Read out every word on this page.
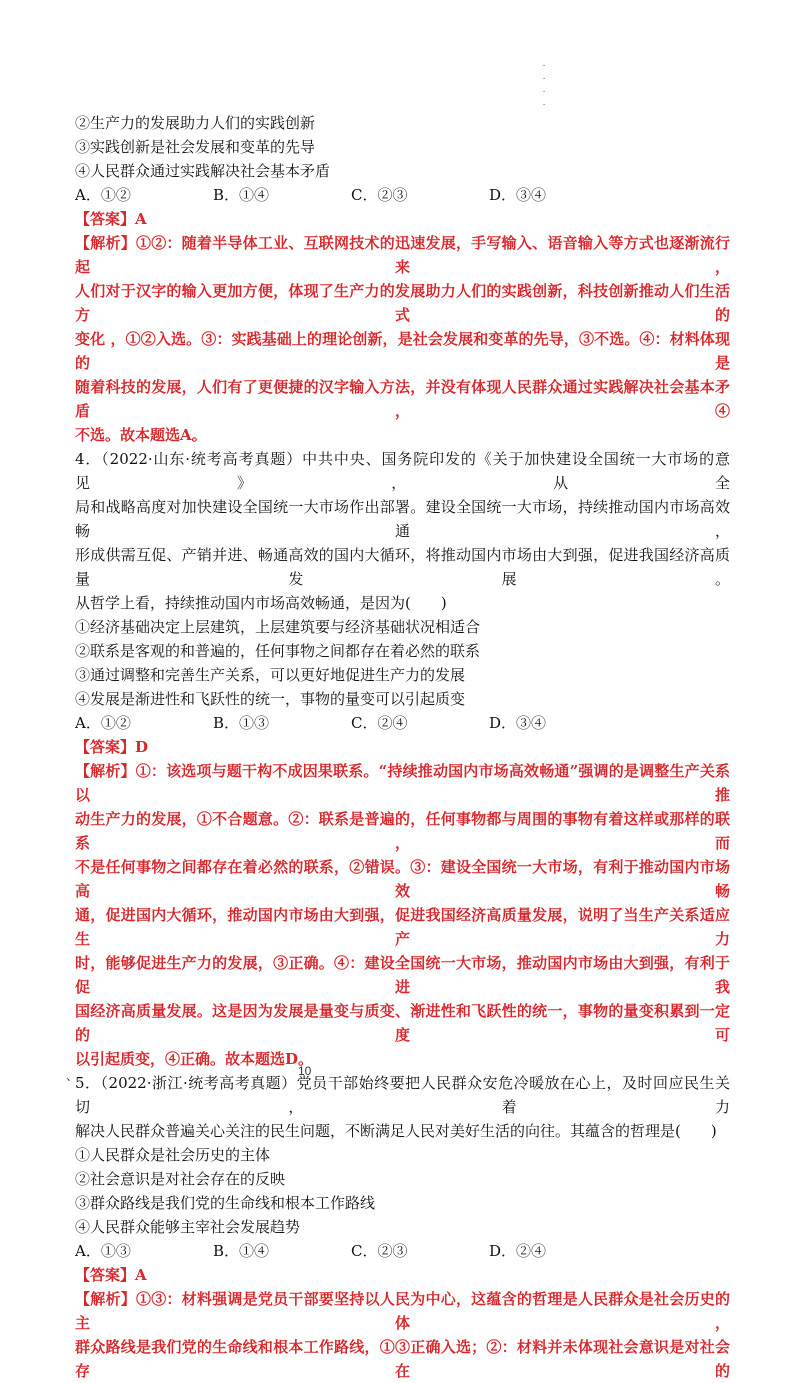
.
.
.
.
②生产力的发展助力人们的实践创新
③实践创新是社会发展和变革的先导
④人民群众通过实践解决社会基本矛盾
A．①②	B．①④	C．②③	D．③④
【答案】A
【解析】①②：随着半导体工业、互联网技术的迅速发展，手写输入、语音输入等方式也逐渐流行起来，
人们对于汉字的输入更加方便，体现了生产力的发展助力人们的实践创新，科技创新推动人们生活方式的
变化 ，①②入选。③：实践基础上的理论创新，是社会发展和变革的先导，③不选。④：材料体现的是
随着科技的发展，人们有了更便捷的汉字输入方法，并没有体现人民群众通过实践解决社会基本矛盾，④
不选。故本题选A。
4．（2022·山东·统考高考真题）中共中央、国务院印发的《关于加快建设全国统一大市场的意见》，从全
局和战略高度对加快建设全国统一大市场作出部署。建设全国统一大市场，持续推动国内市场高效畅通，
形成供需互促、产销并进、畅通高效的国内大循环，将推动国内市场由大到强，促进我国经济高质量发展。
从哲学上看，持续推动国内市场高效畅通，是因为(　　)
①经济基础决定上层建筑，上层建筑要与经济基础状况相适合
②联系是客观的和普遍的，任何事物之间都存在着必然的联系
③通过调整和完善生产关系，可以更好地促进生产力的发展
④发展是渐进性和飞跃性的统一，事物的量变可以引起质变
A．①②	B．①③	C．②④	D．③④
【答案】D
【解析】①：该选项与题干构不成因果联系。“持续推动国内市场高效畅通”强调的是调整生产关系以推
动生产力的发展，①不合题意。②：联系是普遍的，任何事物都与周围的事物有着这样或那样的联系，而
不是任何事物之间都存在着必然的联系，②错误。③：建设全国统一大市场，有利于推动国内市场高效畅
通，促进国内大循环，推动国内市场由大到强，促进我国经济高质量发展，说明了当生产关系适应生产力
时，能够促进生产力的发展，③正确。④：建设全国统一大市场，推动国内市场由大到强，有利于促进我
国经济高质量发展。这是因为发展是量变与质变、渐进性和飞跃性的统一，事物的量变积累到一定的度可
以引起质变，④正确。故本题选D。
5．（2022·浙江·统考高考真题）党员干部始终要把人民群众安危冷暖放在心上，及时回应民生关切，着力
解决人民群众普遍关心关注的民生问题，不断满足人民对美好生活的向往。其蕴含的哲理是(　　)
①人民群众是社会历史的主体
②社会意识是对社会存在的反映
③群众路线是我们党的生命线和根本工作路线
④人民群众能够主宰社会发展趋势
A．①③	B．①④	C．②③	D．②④
【答案】A
【解析】①③：材料强调是党员干部要坚持以人民为中心，这蕴含的哲理是人民群众是社会历史的主体，
群众路线是我们党的生命线和根本工作路线，①③正确入选；②：材料并未体现社会意识是对社会存在的
、	10
